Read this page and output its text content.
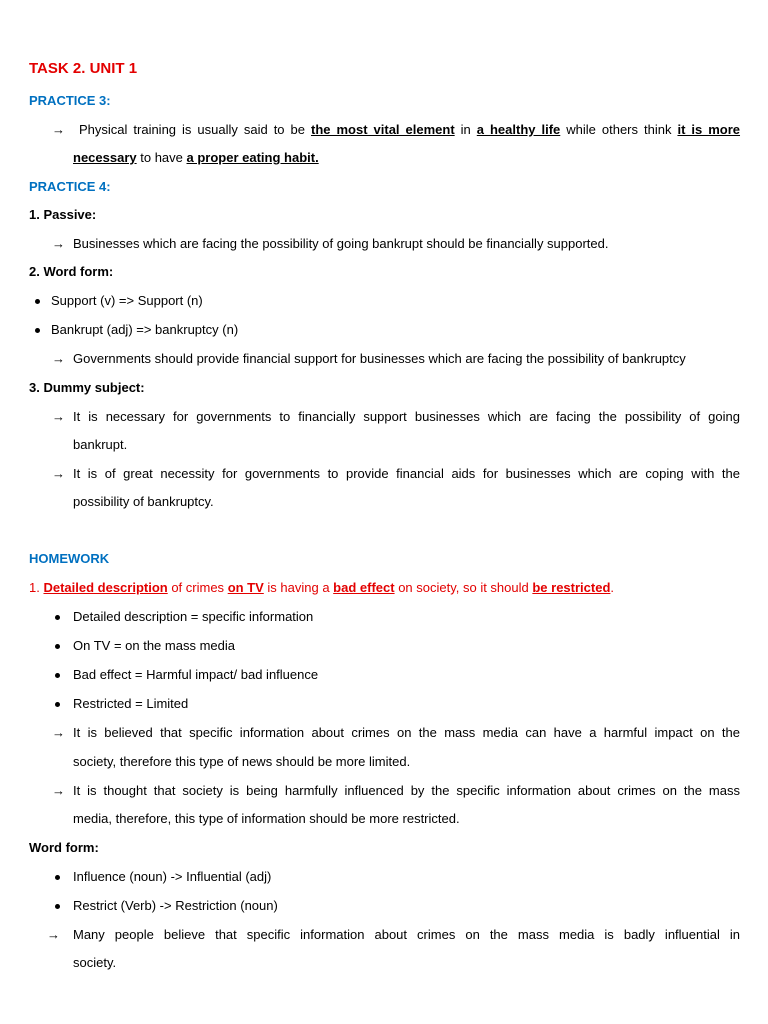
TASK 2. UNIT 1
PRACTICE 3:
→	Physical training is usually said to be the most vital element in a healthy life while others think it is more
necessary to have a proper eating habit.
PRACTICE 4:
1. Passive:
→ Businesses which are facing the possibility of going bankrupt should be financially supported.
2. Word form:
Support (v) => Support (n)
Bankrupt (adj) => bankruptcy (n)
→ Governments should provide financial support for businesses which are facing the possibility of bankruptcy
3. Dummy subject:
→ It is necessary for governments to financially support businesses which are facing the possibility of going
bankrupt.
→ It is of great necessity for governments to provide financial aids for businesses which are coping with the
possibility of bankruptcy.
HOMEWORK
1. Detailed description of crimes on TV is having a bad effect on society, so it should be restricted.
Detailed description = specific information
On TV = on the mass media
Bad effect = Harmful impact/ bad influence
Restricted = Limited
→ It is believed that specific information about crimes on the mass media can have a harmful impact on the
society, therefore this type of news should be more limited.
→ It is thought that society is being harmfully influenced by the specific information about crimes on the mass
media, therefore, this type of information should be more restricted.
Word form:
Influence (noun) -> Influential (adj)
Restrict (Verb) -> Restriction (noun)
→ Many people believe that specific information about crimes on the mass media is badly influential in
society.
